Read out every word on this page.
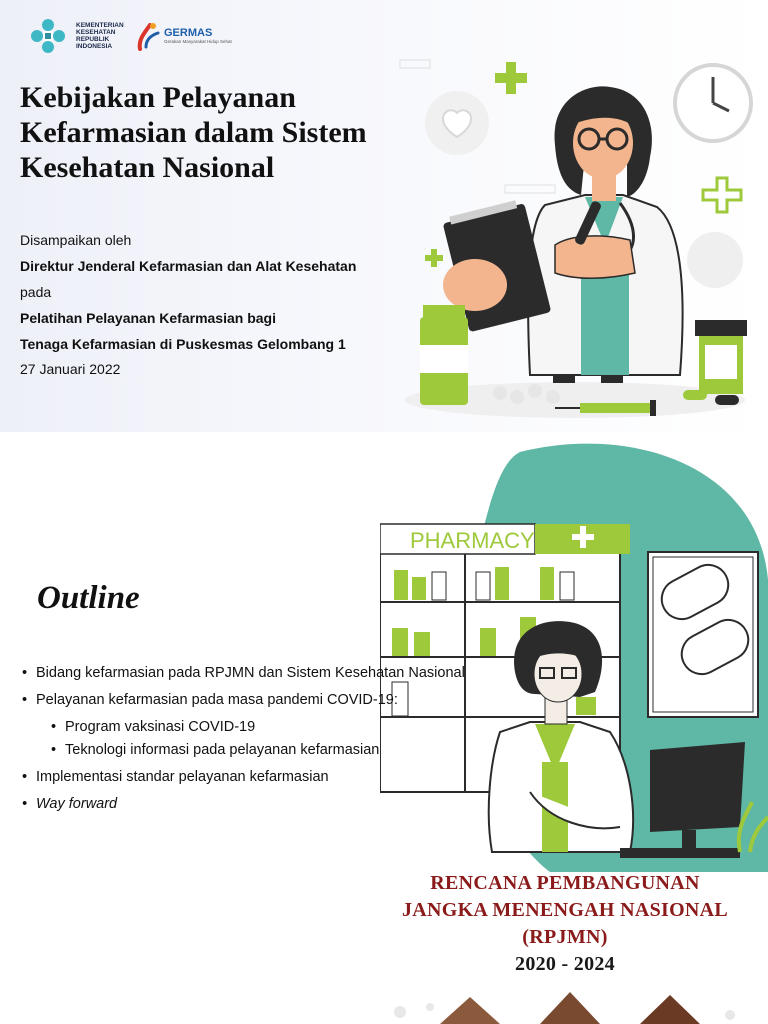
KEMENTERIAN
KESEHATAN
REPUBLIK
INDONESIA
GERMAS
Gerakan Masyarakat Hidup Sehat
Kebijakan Pelayanan Kefarmasian dalam Sistem Kesehatan Nasional
Disampaikan oleh
Direktur Jenderal Kefarmasian dan Alat Kesehatan
pada
Pelatihan Pelayanan Kefarmasian bagi
Tenaga Kefarmasian di Puskesmas Gelombang 1
27 Januari 2022
Outline
PHARMACY
• Bidang kefarmasian pada RPJMN dan Sistem Kesehatan Nasional
• Pelayanan kefarmasian pada masa pandemi COVID-19:
• Program vaksinasi COVID-19
• Teknologi informasi pada pelayanan kefarmasian
• Implementasi standar pelayanan kefarmasian
• Way forward
RENCANA PEMBANGUNAN
JANGKA MENENGAH NASIONAL
(RPJMN)
2020 - 2024
